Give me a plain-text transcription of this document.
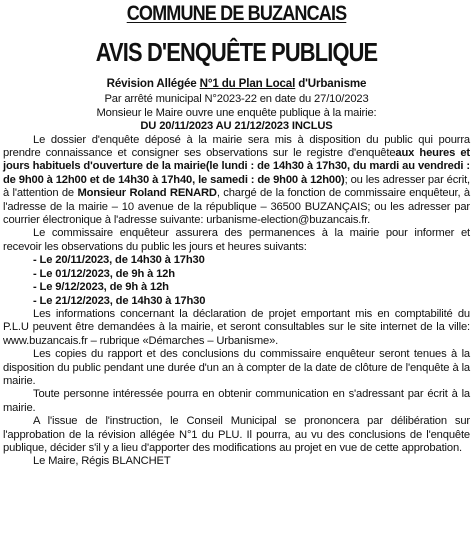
COMMUNE DE BUZANCAIS
AVIS D'ENQUÊTE PUBLIQUE
Révision Allégée N°1 du Plan Local d'Urbanisme
Par arrêté municipal N°2023-22 en date du 27/10/2023
Monsieur le Maire ouvre une enquête publique à la mairie:
DU 20/11/2023 AU 21/12/2023 INCLUS

Le dossier d'enquête déposé à la mairie sera mis à disposition du public qui pourra prendre connaissance et consigner ses observations sur le registre d'enquêteaux heures et jours habituels d'ouverture de la mairie(le lundi : de 14h30 à 17h30, du mardi au vendredi : de 9h00 à 12h00 et de 14h30 à 17h40, le samedi : de 9h00 à 12h00); ou les adresser par écrit, à l'attention de Monsieur Roland RENARD, chargé de la fonction de commissaire enquêteur, à l'adresse de la mairie – 10 avenue de la république – 36500 BUZANÇAIS; ou les adresser par courrier électronique à l'adresse suivante: urbanisme-election@buzancais.fr.

Le commissaire enquêteur assurera des permanences à la mairie pour informer et recevoir les observations du public les jours et heures suivants:

- Le 20/11/2023, de 14h30 à 17h30
- Le 01/12/2023, de 9h à 12h
- Le 9/12/2023, de 9h à 12h
- Le 21/12/2023, de 14h30 à 17h30

Les informations concernant la déclaration de projet emportant mis en comptabilité du P.L.U peuvent être demandées à la mairie, et seront consultables sur le site internet de la ville: www.buzancais.fr – rubrique «Démarches – Urbanisme».

Les copies du rapport et des conclusions du commissaire enquêteur seront tenues à la disposition du public pendant une durée d'un an à compter de la date de clôture de l'enquête à la mairie.

Toute personne intéressée pourra en obtenir communication en s'adressant par écrit à la mairie.

A l'issue de l'instruction, le Conseil Municipal se prononcera par délibération sur l'approbation de la révision allégée N°1 du PLU. Il pourra, au vu des conclusions de l'enquête publique, décider s'il y a lieu d'apporter des modifications au projet en vue de cette approbation.

Le Maire, Régis BLANCHET
